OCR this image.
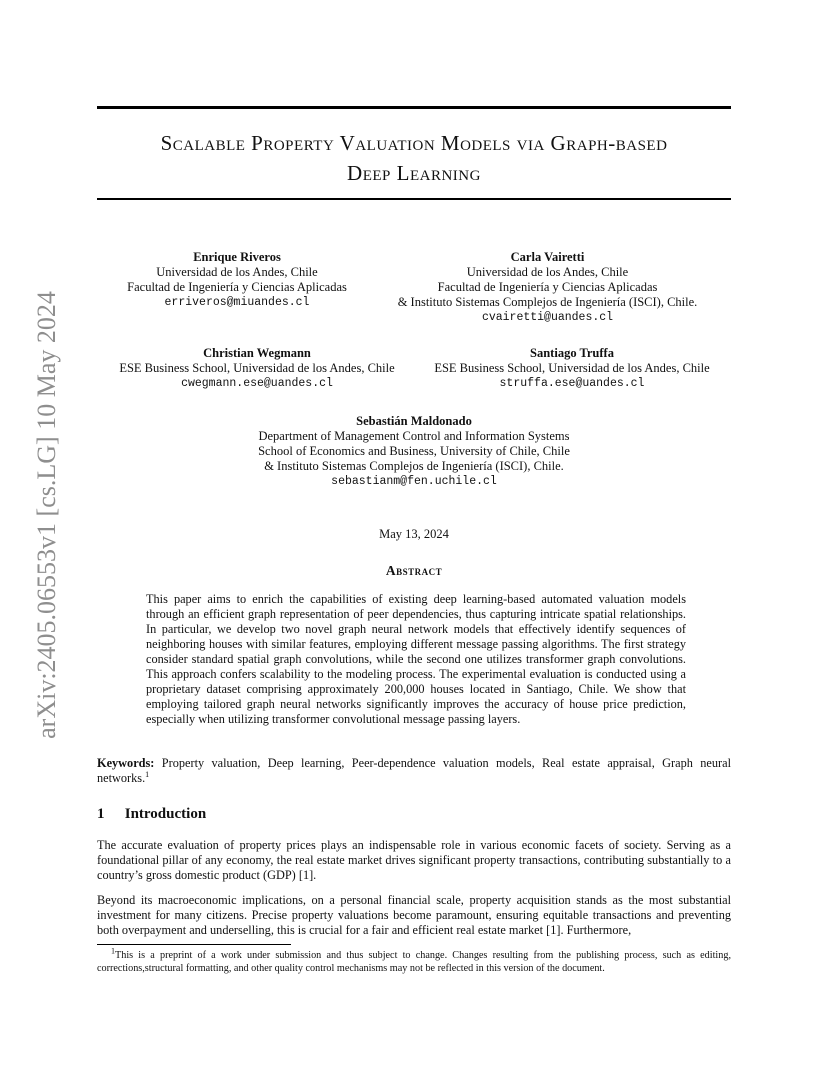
arXiv:2405.06553v1 [cs.LG] 10 May 2024
Scalable Property Valuation Models via Graph-based
Deep Learning
Enrique Riveros
Universidad de los Andes, Chile
Facultad de Ingeniería y Ciencias Aplicadas
erriveros@miuandes.cl
Carla Vairetti
Universidad de los Andes, Chile
Facultad de Ingeniería y Ciencias Aplicadas
& Instituto Sistemas Complejos de Ingeniería (ISCI), Chile.
cvairetti@uandes.cl
Christian Wegmann
ESE Business School, Universidad de los Andes, Chile
cwegmann.ese@uandes.cl
Santiago Truffa
ESE Business School, Universidad de los Andes, Chile
struffa.ese@uandes.cl
Sebastián Maldonado
Department of Management Control and Information Systems
School of Economics and Business, University of Chile, Chile
& Instituto Sistemas Complejos de Ingeniería (ISCI), Chile.
sebastianm@fen.uchile.cl
May 13, 2024
Abstract
This paper aims to enrich the capabilities of existing deep learning-based automated valuation models through an efficient graph representation of peer dependencies, thus capturing intricate spatial relationships. In particular, we develop two novel graph neural network models that effectively identify sequences of neighboring houses with similar features, employing different message passing algorithms. The first strategy consider standard spatial graph convolutions, while the second one utilizes transformer graph convolutions. This approach confers scalability to the modeling process. The experimental evaluation is conducted using a proprietary dataset comprising approximately 200,000 houses located in Santiago, Chile. We show that employing tailored graph neural networks significantly improves the accuracy of house price prediction, especially when utilizing transformer convolutional message passing layers.
Keywords: Property valuation, Deep learning, Peer-dependence valuation models, Real estate appraisal, Graph neural networks.$^1$
1 Introduction
The accurate evaluation of property prices plays an indispensable role in various economic facets of society. Serving as a foundational pillar of any economy, the real estate market drives significant property transactions, contributing substantially to a country’s gross domestic product (GDP) [1].
Beyond its macroeconomic implications, on a personal financial scale, property acquisition stands as the most substantial investment for many citizens. Precise property valuations become paramount, ensuring equitable transactions and preventing both overpayment and underselling, this is crucial for a fair and efficient real estate market [1]. Furthermore,
$^1$This is a preprint of a work under submission and thus subject to change. Changes resulting from the publishing process, such as editing, corrections,structural formatting, and other quality control mechanisms may not be reflected in this version of the document.
